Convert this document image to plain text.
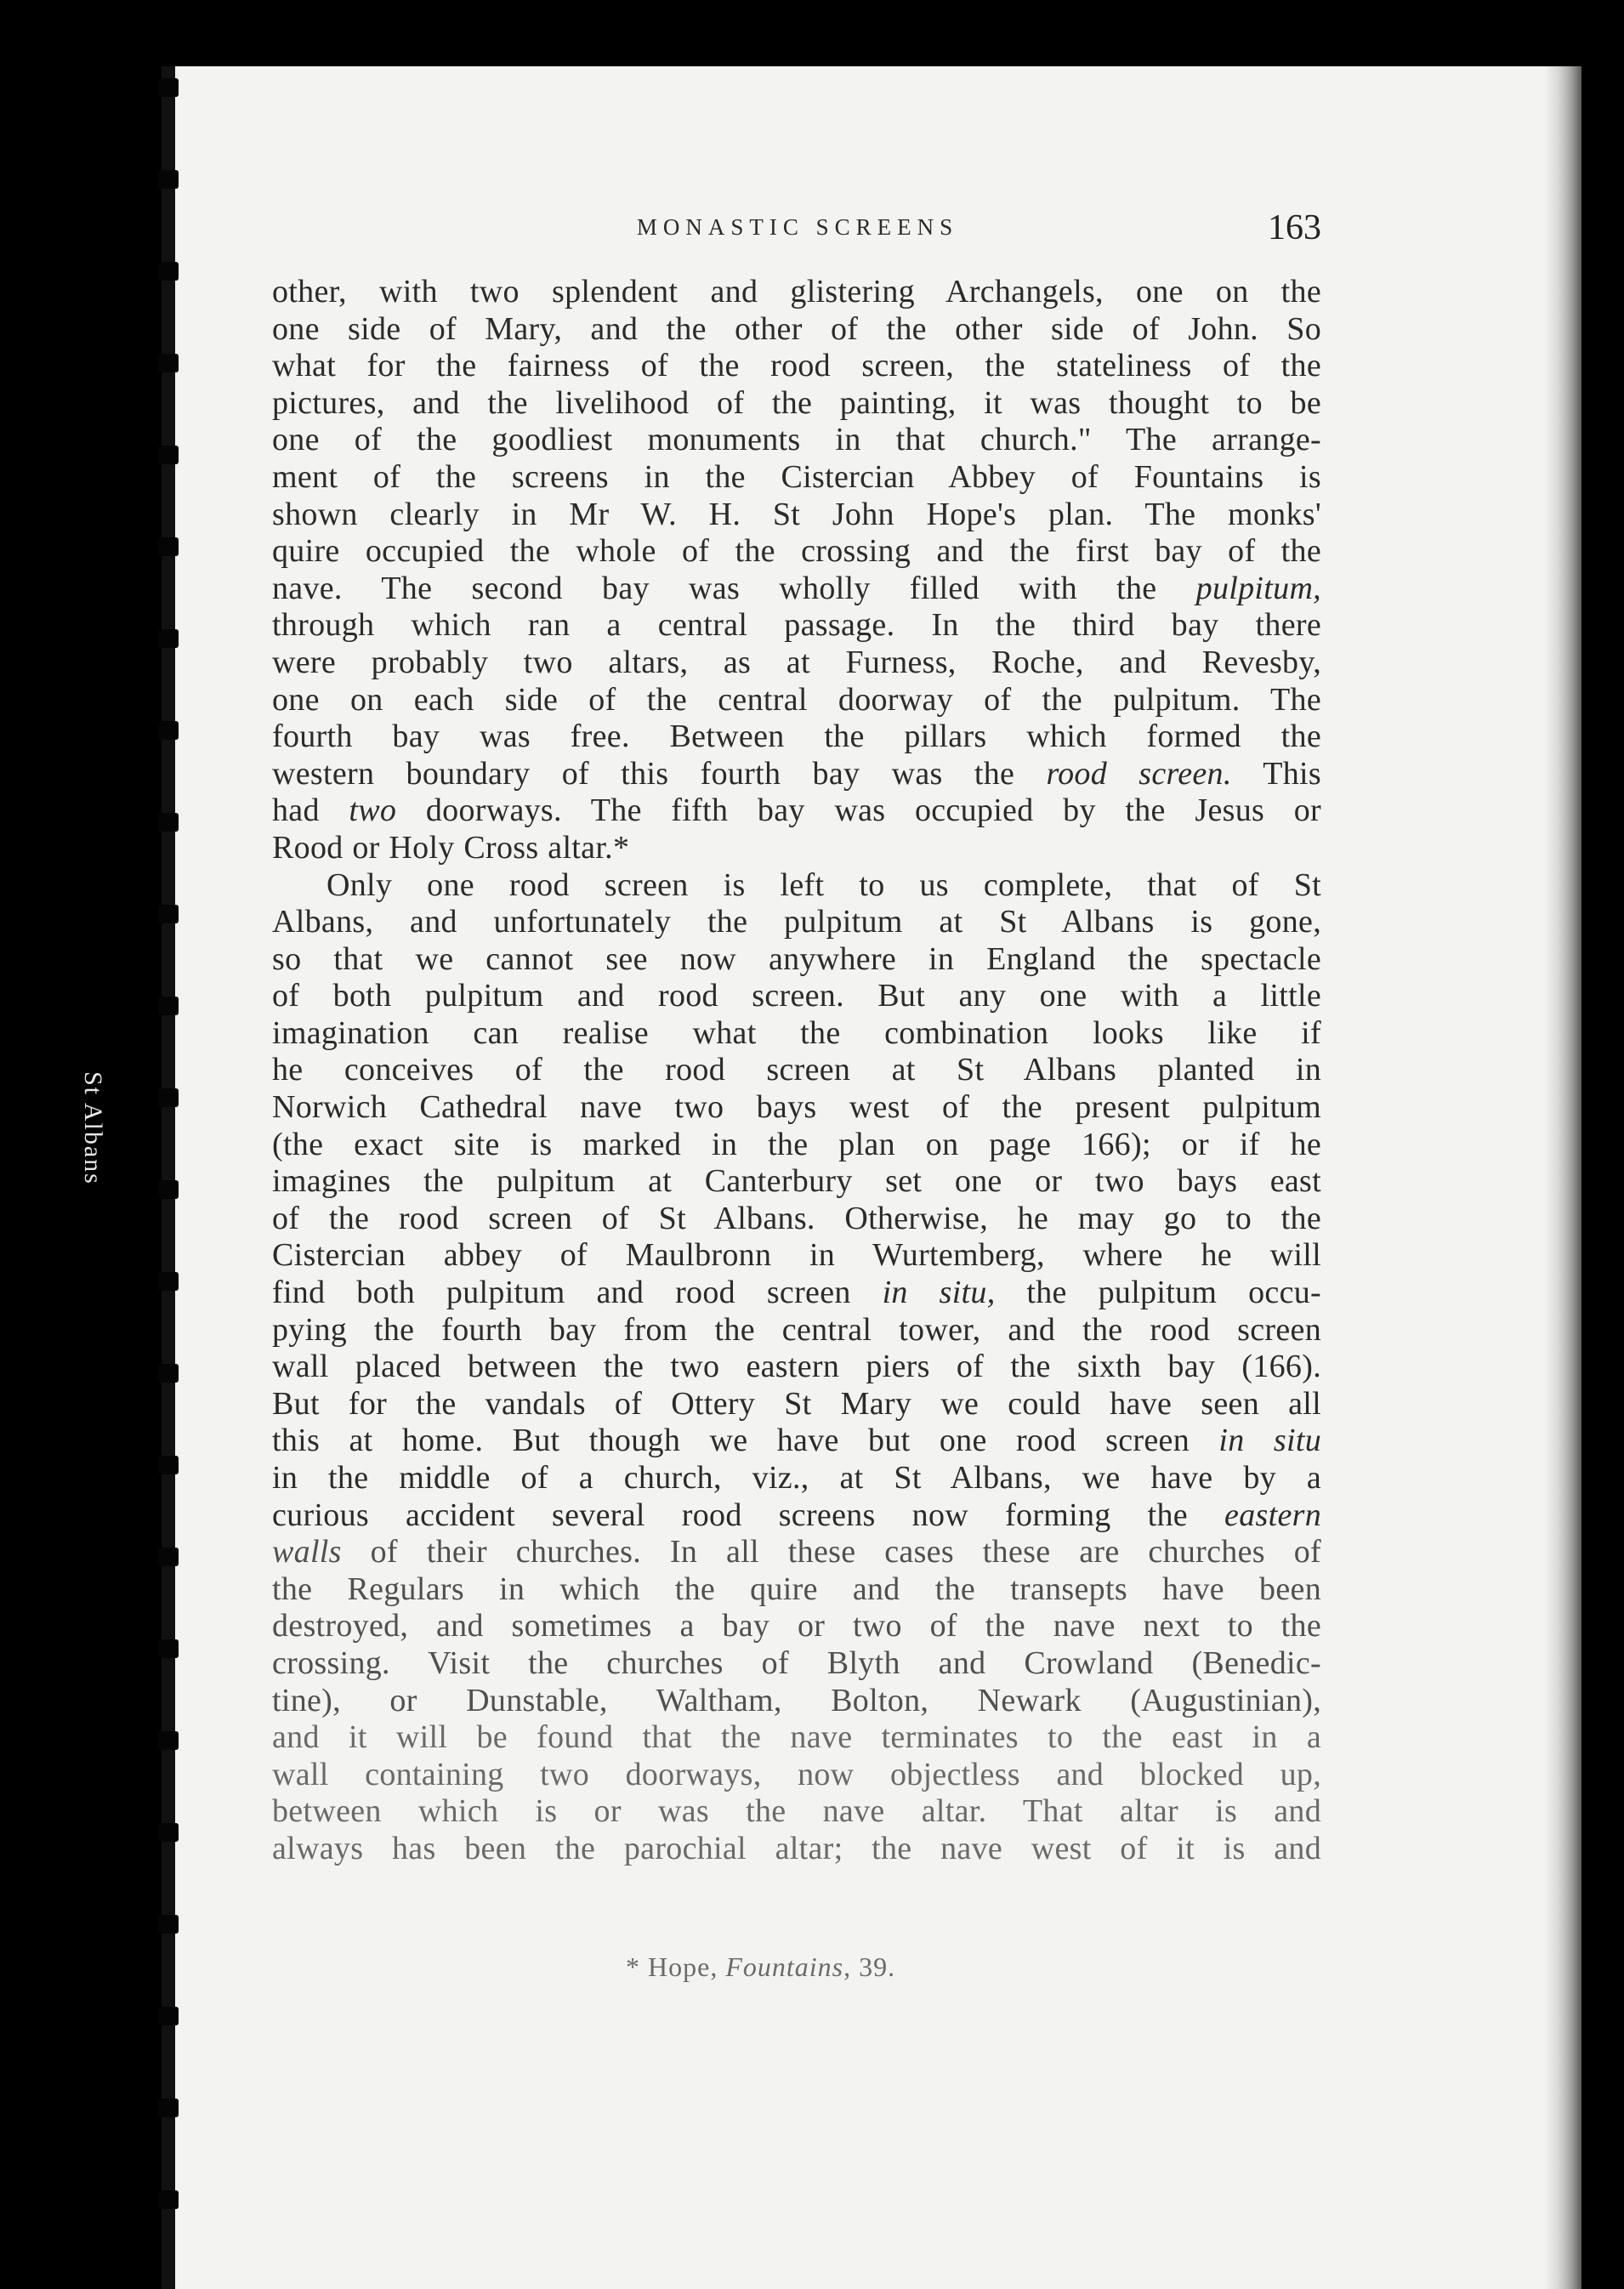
St Albans
MONASTIC SCREENS	163
other, with two splendent and glistering Archangels, one on the
one side of Mary, and the other of the other side of John. So
what for the fairness of the rood screen, the stateliness of the
pictures, and the livelihood of the painting, it was thought to be
one of the goodliest monuments in that church." The arrange-
ment of the screens in the Cistercian Abbey of Fountains is
shown clearly in Mr W. H. St John Hope's plan. The monks'
quire occupied the whole of the crossing and the first bay of the
nave. The second bay was wholly filled with the pulpitum,
through which ran a central passage. In the third bay there
were probably two altars, as at Furness, Roche, and Revesby,
one on each side of the central doorway of the pulpitum. The
fourth bay was free. Between the pillars which formed the
western boundary of this fourth bay was the rood screen. This
had two doorways. The fifth bay was occupied by the Jesus or
Rood or Holy Cross altar.*
Only one rood screen is left to us complete, that of St
Albans, and unfortunately the pulpitum at St Albans is gone,
so that we cannot see now anywhere in England the spectacle
of both pulpitum and rood screen. But any one with a little
imagination can realise what the combination looks like if
he conceives of the rood screen at St Albans planted in
Norwich Cathedral nave two bays west of the present pulpitum
(the exact site is marked in the plan on page 166); or if he
imagines the pulpitum at Canterbury set one or two bays east
of the rood screen of St Albans. Otherwise, he may go to the
Cistercian abbey of Maulbronn in Wurtemberg, where he will
find both pulpitum and rood screen in situ, the pulpitum occu-
pying the fourth bay from the central tower, and the rood screen
wall placed between the two eastern piers of the sixth bay (166).
But for the vandals of Ottery St Mary we could have seen all
this at home. But though we have but one rood screen in situ
in the middle of a church, viz., at St Albans, we have by a
curious accident several rood screens now forming the eastern
walls of their churches. In all these cases these are churches of
the Regulars in which the quire and the transepts have been
destroyed, and sometimes a bay or two of the nave next to the
crossing. Visit the churches of Blyth and Crowland (Benedic-
tine), or Dunstable, Waltham, Bolton, Newark (Augustinian),
and it will be found that the nave terminates to the east in a
wall containing two doorways, now objectless and blocked up,
between which is or was the nave altar. That altar is and
always has been the parochial altar; the nave west of it is and
* Hope, Fountains, 39.
